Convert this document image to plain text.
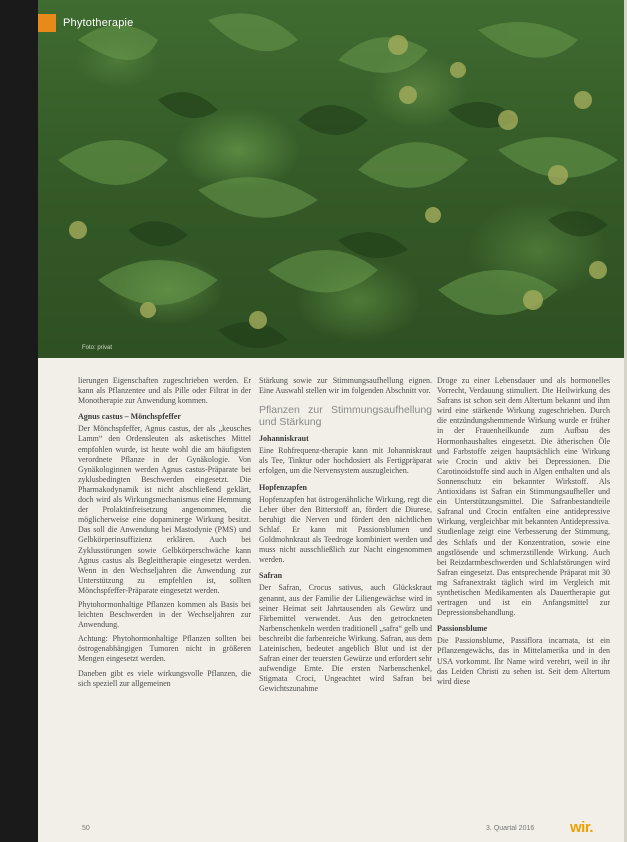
Phytotherapie
Foto: privat

lierungen Eigenschaften zugeschrieben werden. Er kann als Pflanzentee und als Pille oder Filtrat in der Monotherapie zur Anwendung kommen.

Agnus castus – Mönchspfeffer

Der Mönchspfeffer, Agnus castus, der als „keusches Lamm“ den Ordensleuten als asketisches Mittel empfohlen wurde, ist heute wohl die am häufigsten verordnete Pflanze in der Gynäkologie. Von Gynäkologinnen werden Agnus castus-Präparate bei zyklusbedingten Beschwerden eingesetzt. Die Pharmakodynamik ist nicht abschließend geklärt, doch wird als Wirkungsmechanismus eine Hemmung der Prolaktinfreisetzung angenommen, die möglicherweise eine dopaminerge Wirkung besitzt. Das soll die Anwendung bei Mastodynie (PMS) und Gelbkörperinsuffizienz erklären. Auch bei Zyklusstörungen sowie Gelbkörperschwäche kann Agnus castus als Begleittherapie eingesetzt werden. Wenn in den Wechseljahren die Anwendung zur Unterstützung zu empfehlen ist, sollten Mönchspfeffer-Präparate eingesetzt werden.

Phytohormonhaltige Pflanzen kommen als Basis bei leichten Beschwerden in der Wechseljahren zur Anwendung.

Achtung: Phytohormonhaltige Pflanzen sollten bei östrogenabhängigen Tumoren nicht in größeren Mengen eingesetzt werden.

Daneben gibt es viele wirkungsvolle Pflanzen, die sich speziell zur allgemeinen

Stärkung sowie zur Stimmungsaufhellung eignen. Eine Auswahl stellen wir im folgenden Abschnitt vor.

Pflanzen zur Stimmungsaufhellung und Stärkung
Johanniskraut

Eine Rohfrequenz-therapie kann mit Johanniskraut als Tee, Tinktur oder hochdosiert als Fertigpräparat erfolgen, um die Nervensystem auszugleichen.

Hopfenzapfen

Hopfenzapfen hat östrogenähnliche Wirkung, regt die Leber über den Bitterstoff an, fördert die Diurese, beruhigt die Nerven und fördert den nächtlichen Schlaf. Er kann mit Passionsblumen und Goldmohnkraut als Teedroge kombiniert werden und muss nicht ausschließlich zur Nacht eingenommen werden.

Safran

Der Safran, Crocus sativus, auch Glückskraut genannt, aus der Familie der Liliengewächse wird in seiner Heimat seit Jahrtausenden als Gewürz und Färbemittel verwendet. Aus den getrockneten Narbenschenkeln werden traditionell „safra“ gelb und beschreibt die farbenreiche Wirkung. Safran, aus dem Lateinischen, bedeutet angeblich Blut und ist der Safran einer der teuersten Gewürze und erfordert sehr aufwendige Ernte. Die ersten Narbenschenkel, Stigmata Croci, Ungeachtet wird Safran bei Gewichtszunahme

Droge zu einer Lebensdauer und als hormonelles Vorrecht, Verdauung stimuliert. Die Heilwirkung des Safrans ist schon seit dem Altertum bekannt und ihm wird eine stärkende Wirkung zugeschrieben. Durch die entzündungshemmende Wirkung wurde er früher in der Frauenheilkunde zum Aufbau des Hormonhaushaltes eingesetzt. Die ätherischen Öle und Farbstoffe zeigen hauptsächlich eine Wirkung wie Crocin und aktiv bei Depressionen. Die Carotinoidstoffe sind auch in Algen enthalten und als Sonnenschutz ein bekannter Wirkstoff. Als Antioxidans ist Safran ein Stimmungsaufheller und ein Unterstützungsmittel. Die Safranbestandteile Safranal und Crocin entfalten eine antidepressive Wirkung, vergleichbar mit bekannten Antidepressiva. Studienlage zeigt eine Verbesserung der Stimmung, des Schlafs und der Konzentration, sowie eine angstlösende und schmerzstillende Wirkung. Auch bei Reizdarmbeschwerden und Schlafstörungen wird Safran eingesetzt. Das entsprechende Präparat mit 30 mg Safranextrakt täglich wird im Vergleich mit synthetischen Medikamenten als Dauertherapie gut vertragen und ist ein Anfangsmittel zur Depressionsbehandlung.

Passionsblume

Die Passionsblume, Passiflora incarnata, ist ein Pflanzengewächs, das in Mittelamerika und in den USA vorkommt. Ihr Name wird verehrt, weil in ihr das Leiden Christi zu sehen ist. Seit dem Altertum wird diese

50	3. Quartal 2016 wir.
